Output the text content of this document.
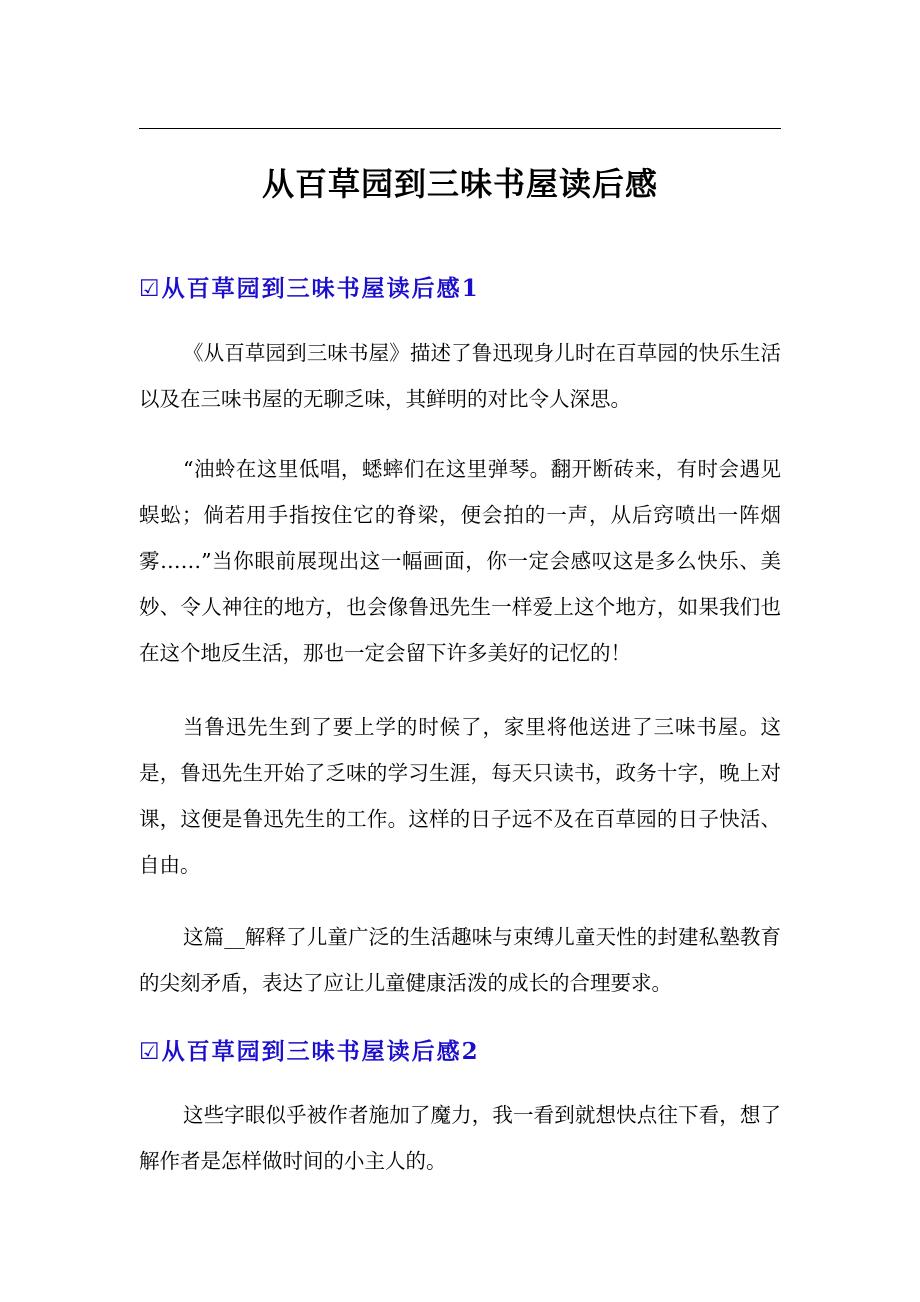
从百草园到三味书屋读后感
☑从百草园到三味书屋读后感1

《从百草园到三味书屋》描述了鲁迅现身儿时在百草园的快乐生活以及在三味书屋的无聊乏味，其鲜明的对比令人深思。

“油蛉在这里低唱，蟋蟀们在这里弹琴。翻开断砖来，有时会遇见蜈蚣；倘若用手指按住它的脊梁，便会拍的一声，从后窍喷出一阵烟雾……”当你眼前展现出这一幅画面，你一定会感叹这是多么快乐、美妙、令人神往的地方，也会像鲁迅先生一样爱上这个地方，如果我们也在这个地反生活，那也一定会留下许多美好的记忆的！

当鲁迅先生到了要上学的时候了，家里将他送进了三味书屋。这是，鲁迅先生开始了乏味的学习生涯，每天只读书，政务十字，晚上对课，这便是鲁迅先生的工作。这样的日子远不及在百草园的日子快活、自由。

这篇__解释了儿童广泛的生活趣味与束缚儿童天性的封建私塾教育的尖刻矛盾，表达了应让儿童健康活泼的成长的合理要求。

☑从百草园到三味书屋读后感2

这些字眼似乎被作者施加了魔力，我一看到就想快点往下看，想了解作者是怎样做时间的小主人的。
